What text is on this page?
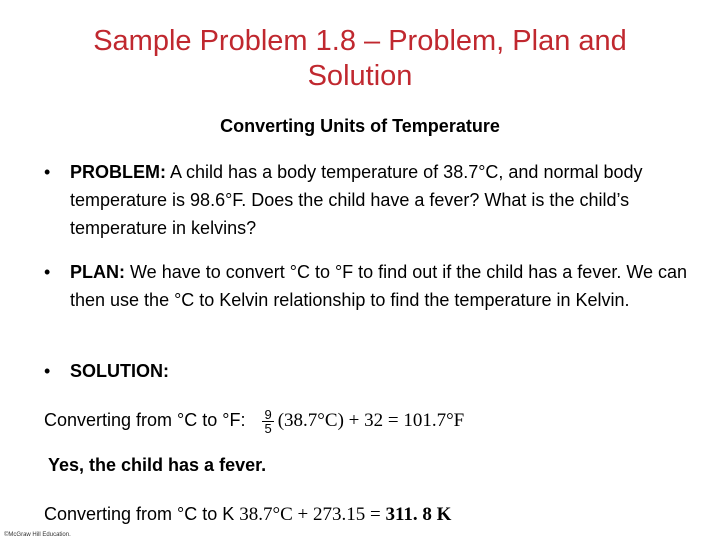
Sample Problem 1.8 – Problem, Plan and
Solution
Converting Units of Temperature
• PROBLEM: A child has a body temperature of 38.7°C, and normal body temperature is 98.6°F. Does the child have a fever? What is the child’s temperature in kelvins?
• PLAN: We have to convert °C to °F to find out if the child has a fever. We can then use the °C to Kelvin relationship to find the temperature in Kelvin.
• SOLUTION:
Converting from °C to °F: $\frac{9}{5} (38.7^\circ C) + 32 = 101.7^\circ F$
Yes, the child has a fever.
Converting from °C to K 38.7°C + 273.15 = 311. 8 K
©McGraw Hill Education.
